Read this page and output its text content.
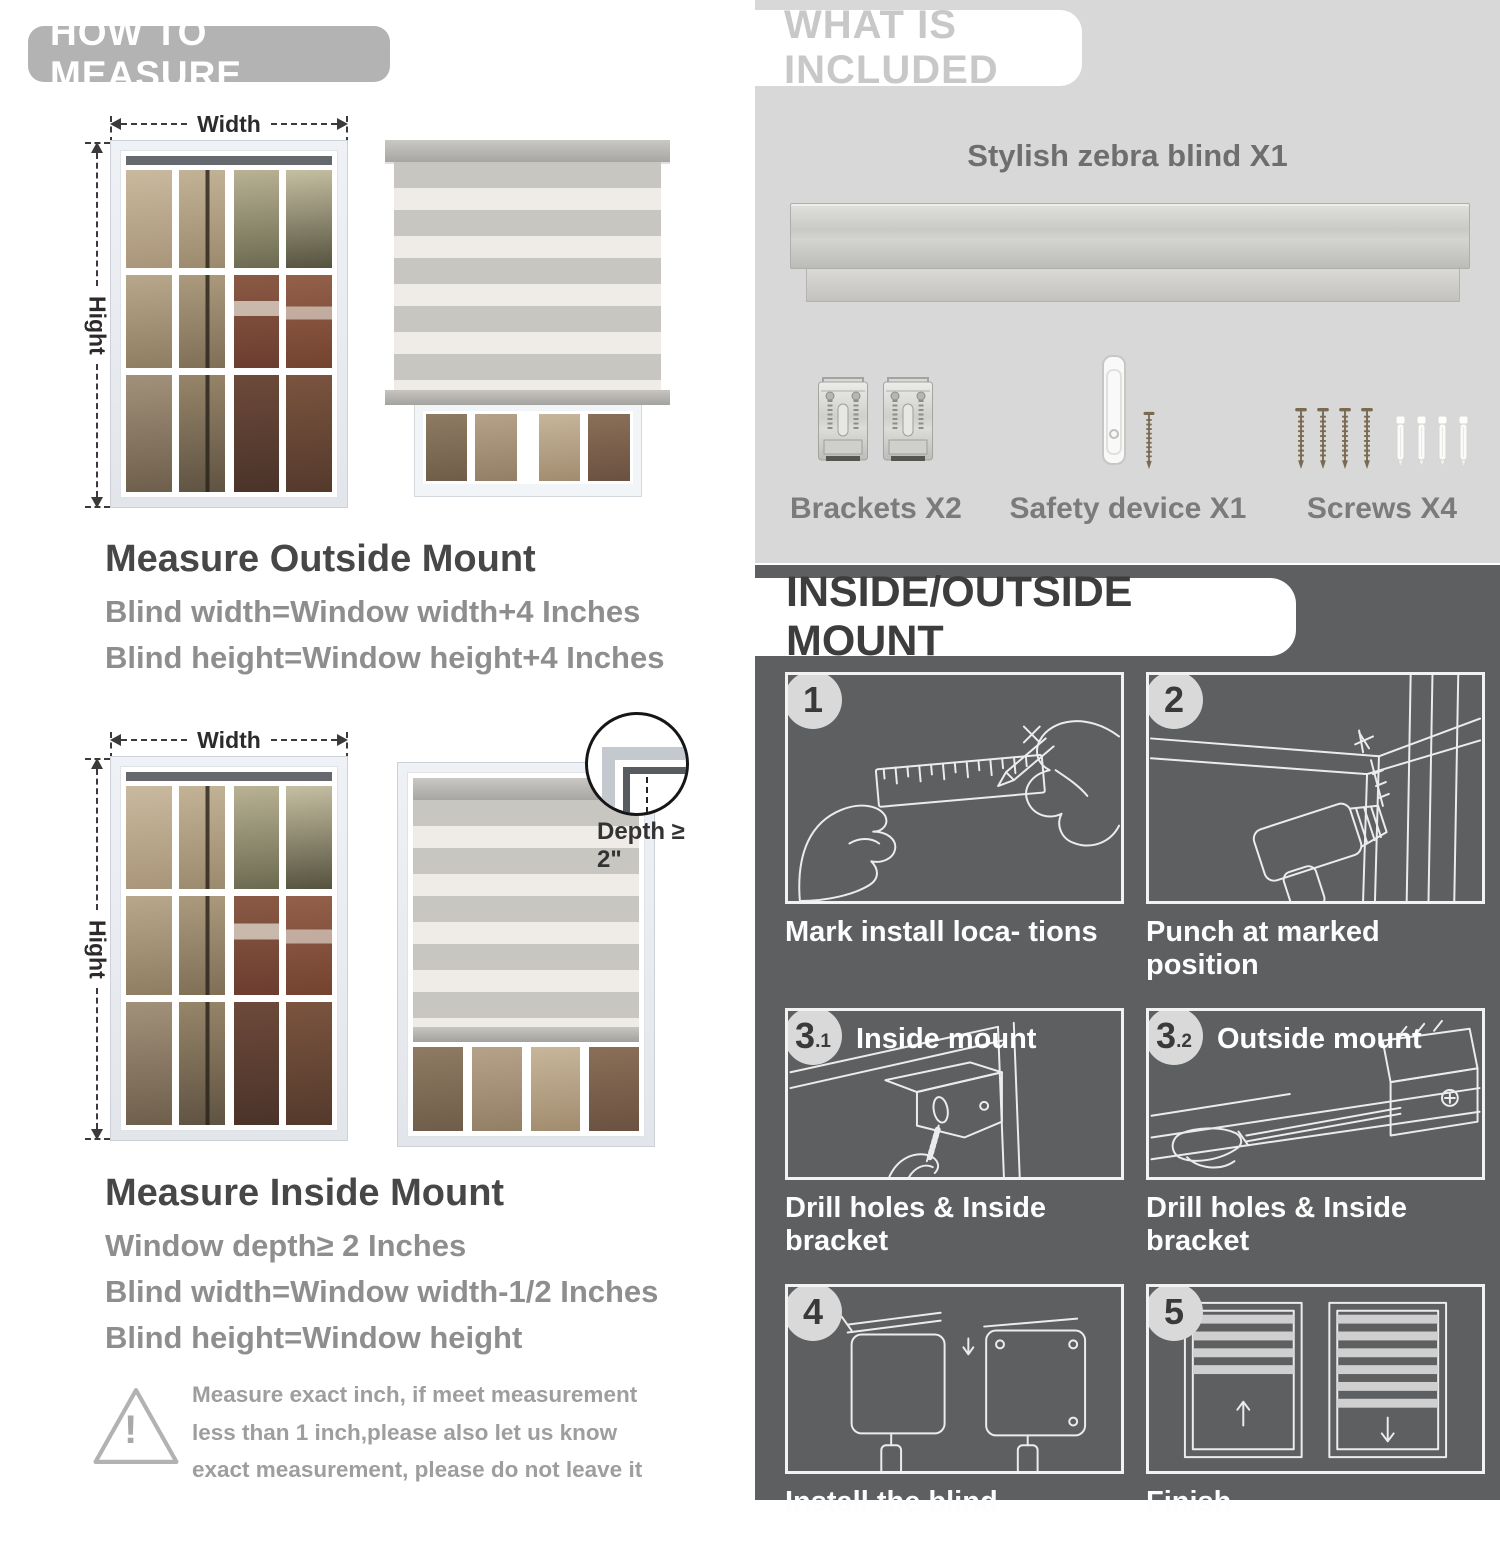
HOW TO MEASURE
Width
Hight
Measure Outside Mount

Blind width=Window width+4 Inches

Blind height=Window height+4 Inches

Width
Hight
Depth ≥ 2"
Measure Inside Mount

Window depth≥ 2 Inches

Blind width=Window width-1/2 Inches

Blind height=Window height

!
Measure exact inch, if meet measurement less than 1 inch,please also let us know exact measurement, please do not leave it
WHAT IS INCLUDED
Stylish zebra blind X1
Brackets X2 Safety device X1 Screws X4
INSIDE/OUTSIDE MOUNT
1
Mark install loca- tions
2
Punch at marked position
3 .1 Inside mount
Drill holes & Inside bracket
3 .2 Outside mount
Drill holes & Inside bracket
4
Install the blind
5
Finish
